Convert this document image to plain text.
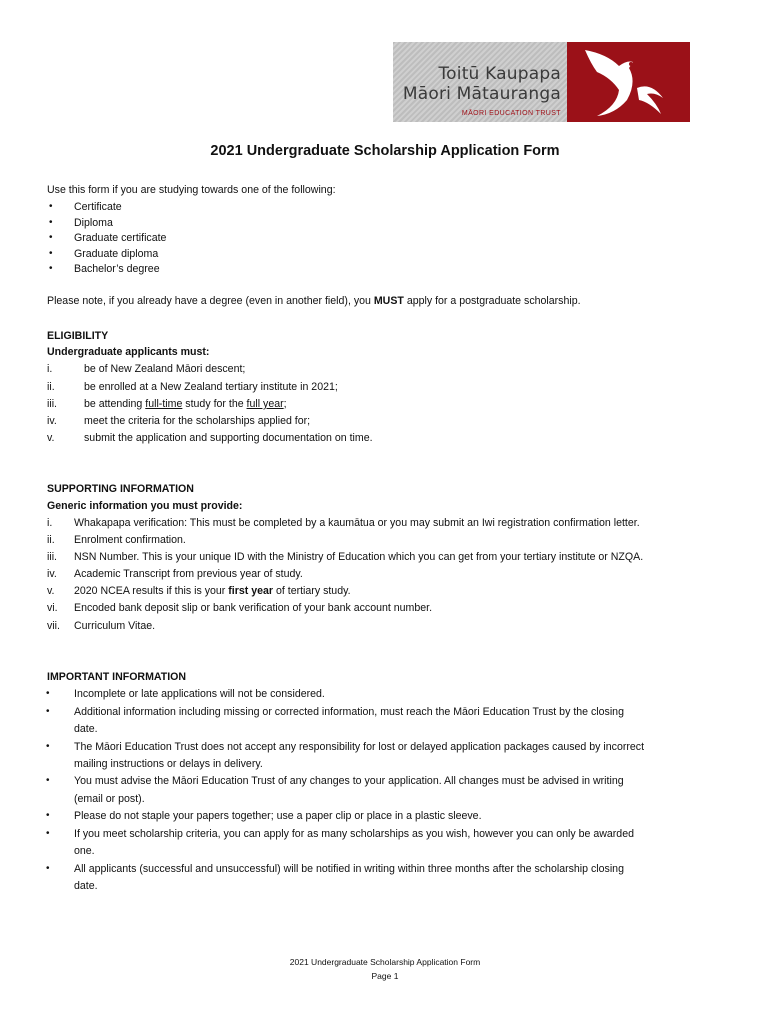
Toitū Kaupapa
Māori Mātauranga
MĀORI EDUCATION TRUST
2021 Undergraduate Scholarship Application Form
Use this form if you are studying towards one of the following:
• Certificate
• Diploma
• Graduate certificate
• Graduate diploma
• Bachelor’s degree
Please note, if you already have a degree (even in another field), you MUST apply for a postgraduate scholarship.
ELIGIBILITY
Undergraduate applicants must:
i.	be of New Zealand Māori descent;
ii.	be enrolled at a New Zealand tertiary institute in 2021;
iii.	be attending full-time study for the full year;
iv.	meet the criteria for the scholarships applied for;
v.	submit the application and supporting documentation on time.
SUPPORTING INFORMATION
Generic information you must provide:
i. Whakapapa verification: This must be completed by a kaumātua or you may submit an Iwi registration confirmation letter.
ii. Enrolment confirmation.
iii. NSN Number. This is your unique ID with the Ministry of Education which you can get from your tertiary institute or NZQA.
iv. Academic Transcript from previous year of study.
v. 2020 NCEA results if this is your first year of tertiary study.
vi. Encoded bank deposit slip or bank verification of your bank account number.
vii. Curriculum Vitae.
IMPORTANT INFORMATION
• Incomplete or late applications will not be considered.
• Additional information including missing or corrected information, must reach the Māori Education Trust by the closing
date.
• The Māori Education Trust does not accept any responsibility for lost or delayed application packages caused by incorrect
mailing instructions or delays in delivery.
• You must advise the Māori Education Trust of any changes to your application. All changes must be advised in writing
(email or post).
• Please do not staple your papers together; use a paper clip or place in a plastic sleeve.
• If you meet scholarship criteria, you can apply for as many scholarships as you wish, however you can only be awarded
one.
• All applicants (successful and unsuccessful) will be notified in writing within three months after the scholarship closing
date.
2021 Undergraduate Scholarship Application Form
Page 1
